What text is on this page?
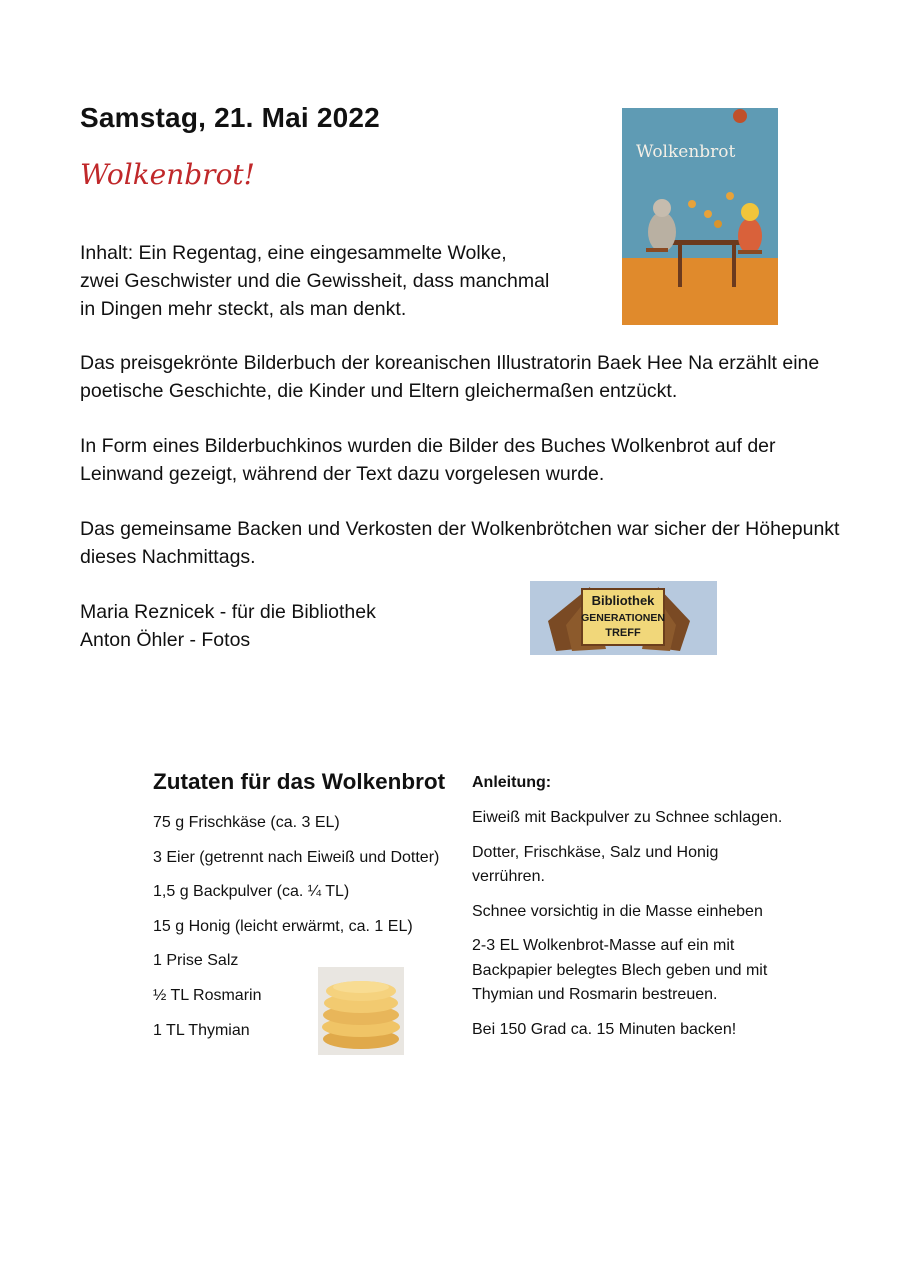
Samstag, 21. Mai 2022
Wolkenbrot!
Inhalt: Ein Regentag, eine eingesammelte Wolke, zwei Geschwister und die Gewissheit, dass manchmal in Dingen mehr steckt, als man denkt.
Das preisgekrönte Bilderbuch der koreanischen Illustratorin Baek Hee Na erzählt eine poetische Geschichte, die Kinder und Eltern gleichermaßen entzückt.
In Form eines Bilderbuchkinos wurden die Bilder des Buches Wolkenbrot auf der Leinwand gezeigt, während der Text dazu vorgelesen wurde.
Das gemeinsame Backen und Verkosten der Wolkenbrötchen war sicher der Höhepunkt dieses Nachmittags.
Maria Reznicek - für die Bibliothek
Anton Öhler - Fotos
Wolkenbrot
Bibliothek
GENERATIONEN
TREFF
Zutaten für das Wolkenbrot
75 g Frischkäse (ca. 3 EL)
3 Eier (getrennt nach Eiweiß und Dotter)
1,5 g Backpulver (ca. ¼ TL)
15 g Honig (leicht erwärmt, ca. 1 EL)
1 Prise Salz
½ TL Rosmarin
1 TL Thymian
Anleitung:

Eiweiß mit Backpulver zu Schnee schlagen.

Dotter, Frischkäse, Salz und Honig verrühren.

Schnee vorsichtig in die Masse einheben

2-3 EL Wolkenbrot-Masse auf ein mit Backpapier belegtes Blech geben und mit Thymian und Rosmarin bestreuen.

Bei 150 Grad ca. 15 Minuten backen!
